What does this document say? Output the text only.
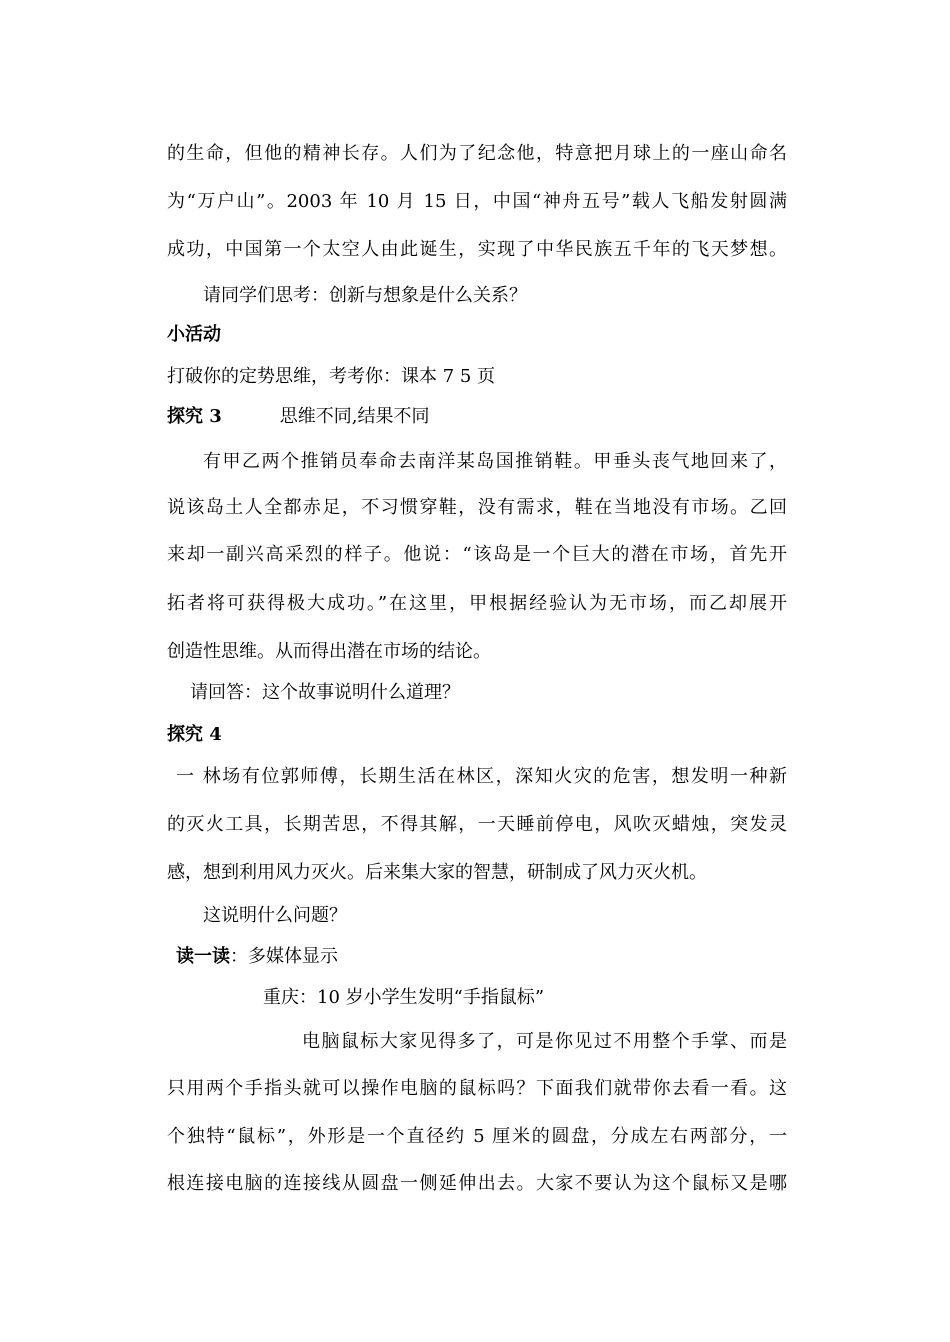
的生命，但他的精神长存。人们为了纪念他，特意把月球上的一座山命名
为“万户山”。2003 年 10 月 15 日，中国“神舟五号”载人飞船发射圆满
成功，中国第一个太空人由此诞生，实现了中华民族五千年的飞天梦想。
请同学们思考：创新与想象是什么关系？
小活动
打破你的定势思维，考考你：课本 7 5 页
探究 3	思维不同,结果不同
有甲乙两个推销员奉命去南洋某岛国推销鞋。甲垂头丧气地回来了，
说该岛土人全都赤足，不习惯穿鞋，没有需求，鞋在当地没有市场。乙回
来却一副兴高采烈的样子。他说：“该岛是一个巨大的潜在市场，首先开
拓者将可获得极大成功。”在这里，甲根据经验认为无市场，而乙却展开
创造性思维。从而得出潜在市场的结论。
请回答：这个故事说明什么道理？
探究 4
一 林场有位郭师傅，长期生活在林区，深知火灾的危害，想发明一种新
的灭火工具，长期苦思，不得其解，一天睡前停电，风吹灭蜡烛，突发灵
感，想到利用风力灭火。后来集大家的智慧，研制成了风力灭火机。
这说明什么问题？
读一读：多媒体显示
重庆：10 岁小学生发明“手指鼠标”
电脑鼠标大家见得多了，可是你见过不用整个手掌、而是
只用两个手指头就可以操作电脑的鼠标吗？下面我们就带你去看一看。这
个独特“鼠标”，外形是一个直径约 5 厘米的圆盘，分成左右两部分，一
根连接电脑的连接线从圆盘一侧延伸出去。大家不要认为这个鼠标又是哪
